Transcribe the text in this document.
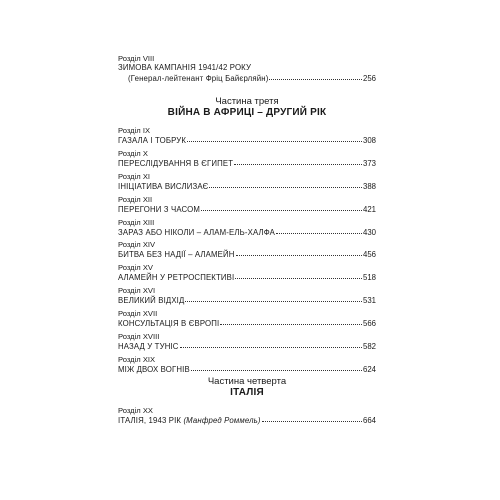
Розділ VIII
ЗИМОВА КАМПАНІЯ 1941/42 РОКУ
(Генерал-лейтенант Фріц Байєрляйн)	256
Частина третя
ВІЙНА В АФРИЦІ – ДРУГИЙ РІК
Розділ IX
ГАЗАЛА І ТОБРУК	308
Розділ X
ПЕРЕСЛІДУВАННЯ В ЄГИПЕТ	373
Розділ XI
ІНІЦІАТИВА ВИСЛИЗАЄ	388
Розділ XII
ПЕРЕГОНИ З ЧАСОМ	421
Розділ XIII
ЗАРАЗ АБО НІКОЛИ – АЛАМ-ЕЛЬ-ХАЛФА	430
Розділ XIV
БИТВА БЕЗ НАДІЇ – АЛАМЕЙН	456
Розділ XV
АЛАМЕЙН У РЕТРОСПЕКТИВІ	518
Розділ XVI
ВЕЛИКИЙ ВІДХІД	531
Розділ XVII
КОНСУЛЬТАЦІЯ В ЄВРОПІ	566
Розділ XVIII
НАЗАД У ТУНІС	582
Розділ XIX
МІЖ ДВОХ ВОГНІВ	624
Частина четверта
ІТАЛІЯ
Розділ XX
ІТАЛІЯ, 1943 РІК (Манфред Роммель)	664
